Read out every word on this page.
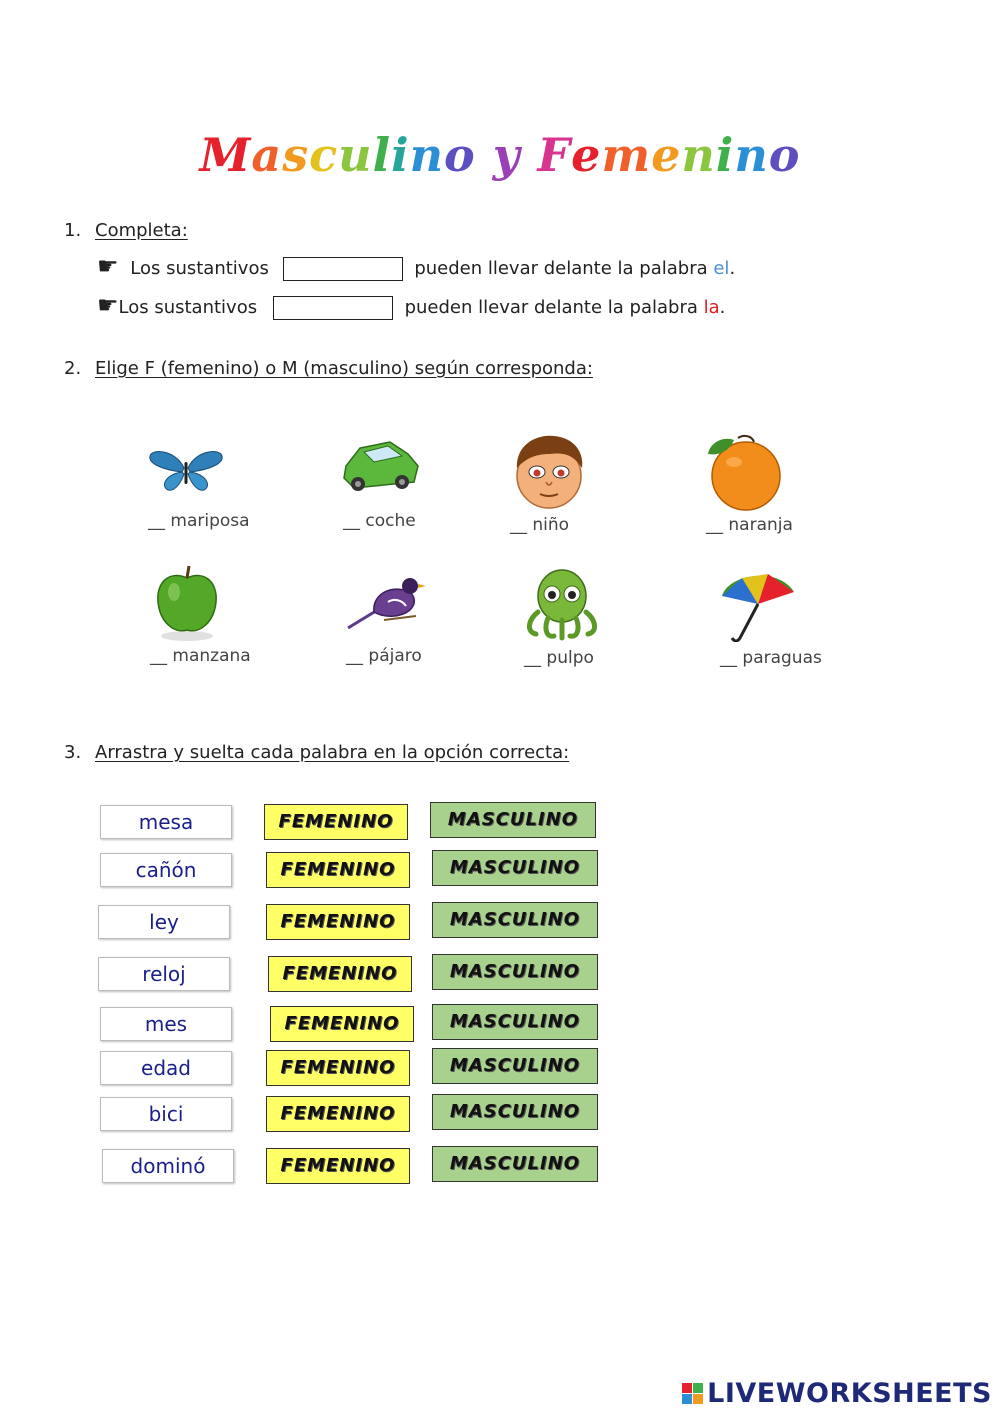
Masculino y Femenino
1. Completa:
☛ Los sustantivos	pueden llevar delante la palabra el.
☛Los sustantivos	pueden llevar delante la palabra la.
2. Elige F (femenino) o M (masculino) según corresponda:
__ mariposa	__ coche	__ niño	__ naranja
__ manzana	__ pájaro	__ pulpo	__ paraguas
3. Arrastra y suelta cada palabra en la opción correcta:
mesa	FEMENINO	MASCULINO
cañón	FEMENINO	MASCULINO
ley	FEMENINO	MASCULINO
reloj	FEMENINO	MASCULINO
mes	FEMENINO	MASCULINO
edad	FEMENINO	MASCULINO
bici	FEMENINO	MASCULINO
dominó	FEMENINO	MASCULINO
LIVEWORKSHEETS
